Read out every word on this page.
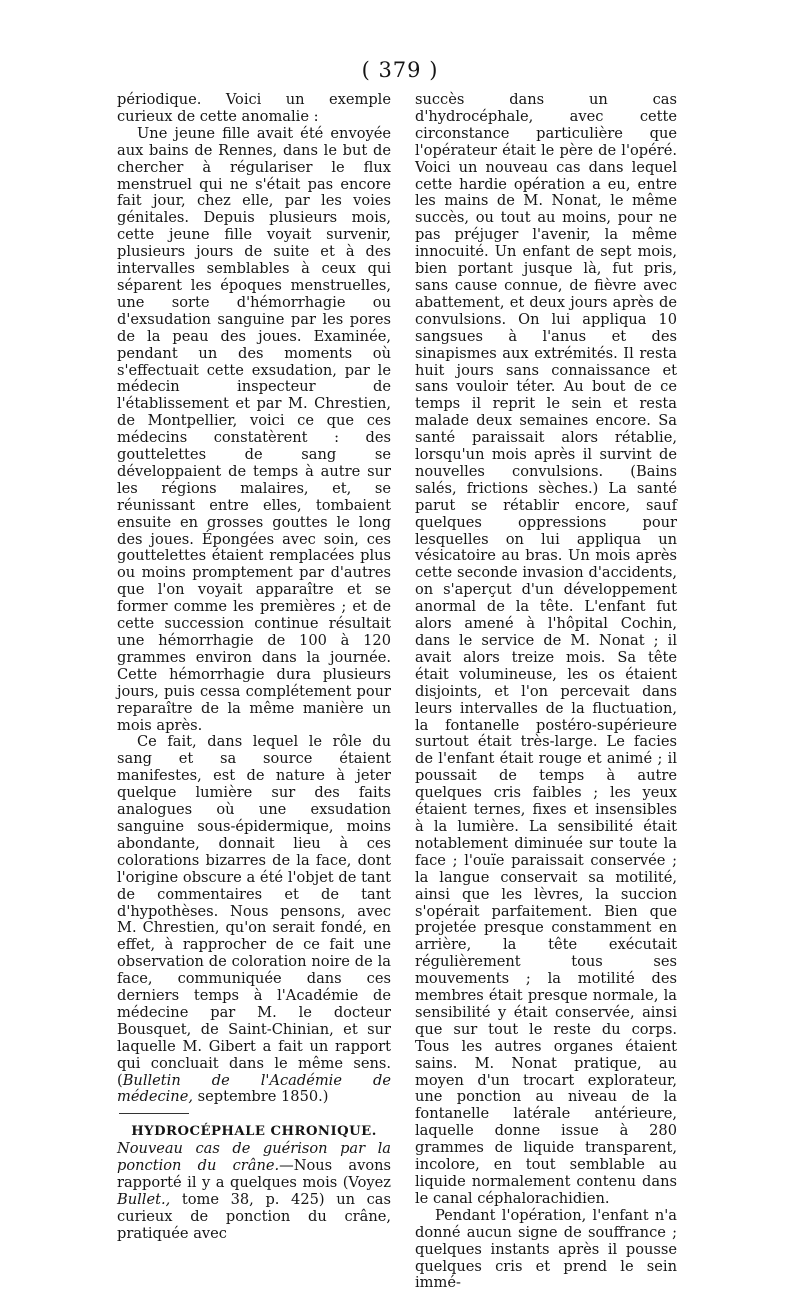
( 379 )

périodique. Voici un exemple curieux de cette anomalie :

Une jeune fille avait été envoyée aux bains de Rennes, dans le but de chercher à régulariser le flux menstruel qui ne s'était pas encore fait jour, chez elle, par les voies génitales. Depuis plusieurs mois, cette jeune fille voyait survenir, plusieurs jours de suite et à des intervalles semblables à ceux qui séparent les époques menstruelles, une sorte d'hémorrhagie ou d'exsudation sanguine par les pores de la peau des joues. Examinée, pendant un des moments où s'effectuait cette exsudation, par le médecin inspecteur de l'établissement et par M. Chrestien, de Montpellier, voici ce que ces médecins constatèrent : des gouttelettes de sang se développaient de temps à autre sur les régions malaires, et, se réunissant entre elles, tombaient ensuite en grosses gouttes le long des joues. Épongées avec soin, ces gouttelettes étaient remplacées plus ou moins promptement par d'autres que l'on voyait apparaître et se former comme les premières ; et de cette succession continue résultait une hémorrhagie de 100 à 120 grammes environ dans la journée. Cette hémorrhagie dura plusieurs jours, puis cessa complétement pour reparaître de la même manière un mois après.

Ce fait, dans lequel le rôle du sang et sa source étaient manifestes, est de nature à jeter quelque lumière sur des faits analogues où une exsudation sanguine sous-épidermique, moins abondante, donnait lieu à ces colorations bizarres de la face, dont l'origine obscure a été l'objet de tant de commentaires et de tant d'hypothèses. Nous pensons, avec M. Chrestien, qu'on serait fondé, en effet, à rapprocher de ce fait une observation de coloration noire de la face, communiquée dans ces derniers temps à l'Académie de médecine par M. le docteur Bousquet, de Saint-Chinian, et sur laquelle M. Gibert a fait un rapport qui concluait dans le même sens. (Bulletin de l'Académie de médecine, septembre 1850.)

HYDROCÉPHALE CHRONIQUE.

Nouveau cas de guérison par la ponction du crâne.—Nous avons rapporté il y a quelques mois (Voyez Bullet., tome 38, p. 425) un cas curieux de ponction du crâne, pratiquée avec

succès dans un cas d'hydrocéphale, avec cette circonstance particulière que l'opérateur était le père de l'opéré. Voici un nouveau cas dans lequel cette hardie opération a eu, entre les mains de M. Nonat, le même succès, ou tout au moins, pour ne pas préjuger l'avenir, la même innocuité. Un enfant de sept mois, bien portant jusque là, fut pris, sans cause connue, de fièvre avec abattement, et deux jours après de convulsions. On lui appliqua 10 sangsues à l'anus et des sinapismes aux extrémités. Il resta huit jours sans connaissance et sans vouloir téter. Au bout de ce temps il reprit le sein et resta malade deux semaines encore. Sa santé paraissait alors rétablie, lorsqu'un mois après il survint de nouvelles convulsions. (Bains salés, frictions sèches.) La santé parut se rétablir encore, sauf quelques oppressions pour lesquelles on lui appliqua un vésicatoire au bras. Un mois après cette seconde invasion d'accidents, on s'aperçut d'un développement anormal de la tête. L'enfant fut alors amené à l'hôpital Cochin, dans le service de M. Nonat ; il avait alors treize mois. Sa tête était volumineuse, les os étaient disjoints, et l'on percevait dans leurs intervalles de la fluctuation, la fontanelle postéro-supérieure surtout était très-large. Le facies de l'enfant était rouge et animé ; il poussait de temps à autre quelques cris faibles ; les yeux étaient ternes, fixes et insensibles à la lumière. La sensibilité était notablement diminuée sur toute la face ; l'ouïe paraissait conservée ; la langue conservait sa motilité, ainsi que les lèvres, la succion s'opérait parfaitement. Bien que projetée presque constamment en arrière, la tête exécutait régulièrement tous ses mouvements ; la motilité des membres était presque normale, la sensibilité y était conservée, ainsi que sur tout le reste du corps. Tous les autres organes étaient sains. M. Nonat pratique, au moyen d'un trocart explorateur, une ponction au niveau de la fontanelle latérale antérieure, laquelle donne issue à 280 grammes de liquide transparent, incolore, en tout semblable au liquide normalement contenu dans le canal céphalorachidien.

Pendant l'opération, l'enfant n'a donné aucun signe de souffrance ; quelques instants après il pousse quelques cris et prend le sein immé-
